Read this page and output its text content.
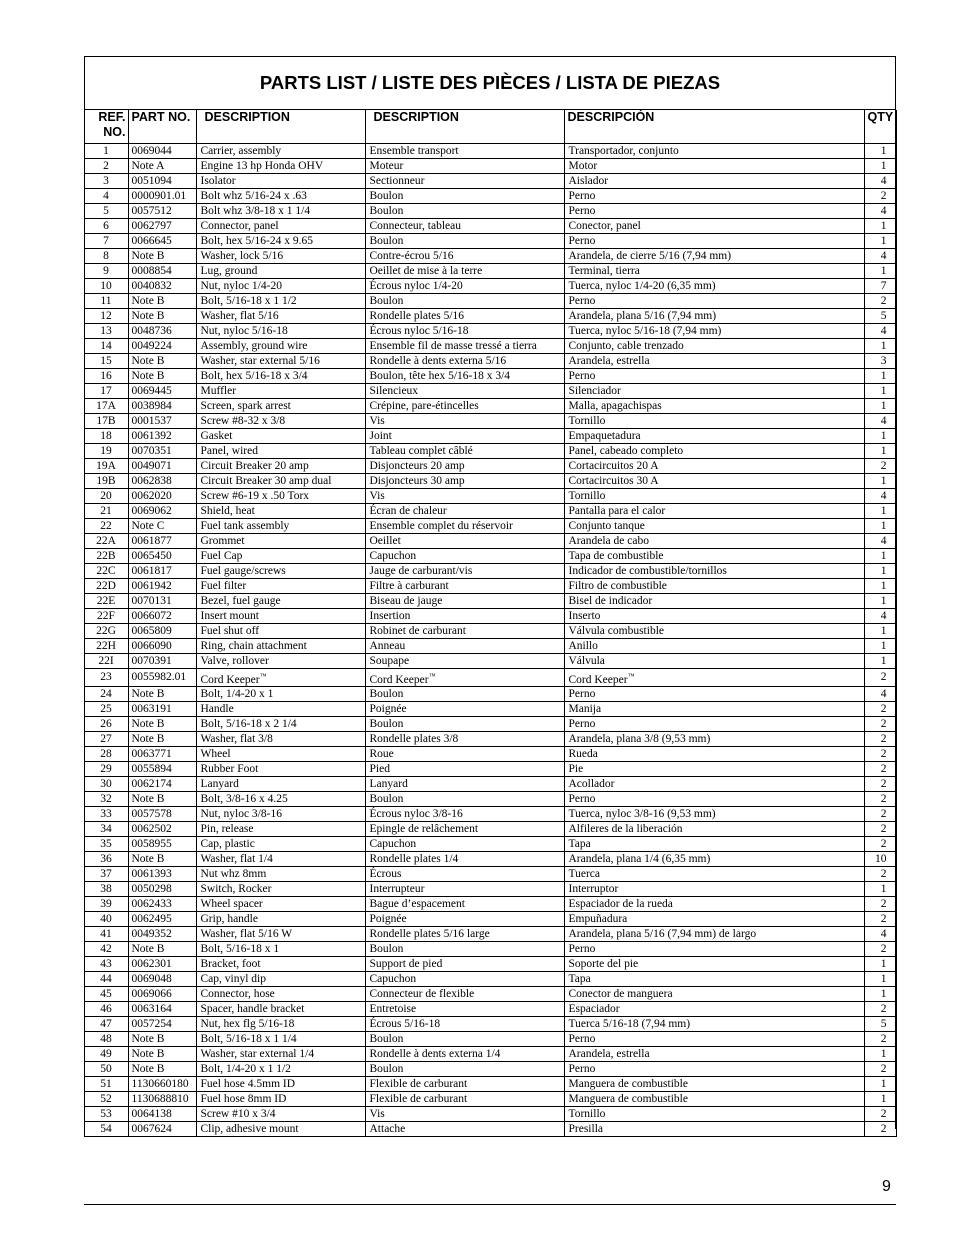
PARTS LIST / LISTE DES PIÈCES / LISTA DE PIEZAS
REF. NO.	PART NO.	DESCRIPTION	DESCRIPTION	DESCRIPCIÓN	QTY
1	0069044	Carrier, assembly	Ensemble transport	Transportador, conjunto	1
2	Note A	Engine 13 hp Honda OHV	Moteur	Motor	1
3	0051094	Isolator	Sectionneur	Aislador	4
4	0000901.01	Bolt whz 5/16-24 x .63	Boulon	Perno	2
5	0057512	Bolt whz 3/8-18 x 1 1/4	Boulon	Perno	4
6	0062797	Connector, panel	Connecteur, tableau	Conector, panel	1
7	0066645	Bolt, hex 5/16-24 x 9.65	Boulon	Perno	1
8	Note B	Washer, lock 5/16	Contre-écrou 5/16	Arandela, de cierre 5/16 (7,94 mm)	4
9	0008854	Lug, ground	Oeillet de mise à la terre	Terminal, tierra	1
10	0040832	Nut, nyloc 1/4-20	Écrous nyloc 1/4-20	Tuerca, nyloc 1/4-20 (6,35 mm)	7
11	Note B	Bolt, 5/16-18 x 1 1/2	Boulon	Perno	2
12	Note B	Washer, flat 5/16	Rondelle plates 5/16	Arandela, plana 5/16 (7,94 mm)	5
13	0048736	Nut, nyloc 5/16-18	Écrous nyloc 5/16-18	Tuerca, nyloc 5/16-18 (7,94 mm)	4
14	0049224	Assembly, ground wire	Ensemble fil de masse tressé a tierra	Conjunto, cable trenzado	1
15	Note B	Washer, star external 5/16	Rondelle à dents externa 5/16	Arandela, estrella	3
16	Note B	Bolt, hex 5/16-18 x 3/4	Boulon, tête hex 5/16-18 x 3/4	Perno	1
17	0069445	Muffler	Silencieux	Silenciador	1
17A	0038984	Screen, spark arrest	Crépine, pare-étincelles	Malla, apagachispas	1
17B	0001537	Screw #8-32 x 3/8	Vis	Tornillo	4
18	0061392	Gasket	Joint	Empaquetadura	1
19	0070351	Panel, wired	Tableau complet câblé	Panel, cabeado completo	1
19A	0049071	Circuit Breaker 20 amp	Disjoncteurs 20 amp	Cortacircuitos 20 A	2
19B	0062838	Circuit Breaker 30 amp dual	Disjoncteurs 30 amp	Cortacircuitos 30 A	1
20	0062020	Screw #6-19 x .50 Torx	Vis	Tornillo	4
21	0069062	Shield, heat	Écran de chaleur	Pantalla para el calor	1
22	Note C	Fuel tank assembly	Ensemble complet du réservoir	Conjunto tanque	1
22A	0061877	Grommet	Oeillet	Arandela de cabo	4
22B	0065450	Fuel Cap	Capuchon	Tapa de combustible	1
22C	0061817	Fuel gauge/screws	Jauge de carburant/vis	Indicador de combustible/tornillos	1
22D	0061942	Fuel filter	Filtre à carburant	Filtro de combustible	1
22E	0070131	Bezel, fuel gauge	Biseau de jauge	Bisel de indicador	1
22F	0066072	Insert mount	Insertion	Inserto	4
22G	0065809	Fuel shut off	Robinet de carburant	Válvula combustible	1
22H	0066090	Ring, chain attachment	Anneau	Anillo	1
22I	0070391	Valve, rollover	Soupape	Válvula	1
23	0055982.01	Cord Keeper™	Cord Keeper™	Cord Keeper™	2
24	Note B	Bolt, 1/4-20 x 1	Boulon	Perno	4
25	0063191	Handle	Poignée	Manija	2
26	Note B	Bolt, 5/16-18 x 2 1/4	Boulon	Perno	2
27	Note B	Washer, flat 3/8	Rondelle plates 3/8	Arandela, plana 3/8 (9,53 mm)	2
28	0063771	Wheel	Roue	Rueda	2
29	0055894	Rubber Foot	Pied	Pie	2
30	0062174	Lanyard	Lanyard	Acollador	2
32	Note B	Bolt, 3/8-16 x 4.25	Boulon	Perno	2
33	0057578	Nut, nyloc 3/8-16	Écrous nyloc 3/8-16	Tuerca, nyloc 3/8-16 (9,53 mm)	2
34	0062502	Pin, release	Epingle de relâchement	Alfileres de la liberación	2
35	0058955	Cap, plastic	Capuchon	Tapa	2
36	Note B	Washer, flat 1/4	Rondelle plates 1/4	Arandela, plana 1/4 (6,35 mm)	10
37	0061393	Nut whz 8mm	Écrous	Tuerca	2
38	0050298	Switch, Rocker	Interrupteur	Interruptor	1
39	0062433	Wheel spacer	Bague d’espacement	Espaciador de la rueda	2
40	0062495	Grip, handle	Poignée	Empuñadura	2
41	0049352	Washer, flat 5/16 W	Rondelle plates 5/16 large	Arandela, plana 5/16 (7,94 mm) de largo	4
42	Note B	Bolt, 5/16-18 x 1	Boulon	Perno	2
43	0062301	Bracket, foot	Support de pied	Soporte del pie	1
44	0069048	Cap, vinyl dip	Capuchon	Tapa	1
45	0069066	Connector, hose	Connecteur de flexible	Conector de manguera	1
46	0063164	Spacer, handle bracket	Entretoise	Espaciador	2
47	0057254	Nut, hex flg 5/16-18	Écrous 5/16-18	Tuerca 5/16-18 (7,94 mm)	5
48	Note B	Bolt, 5/16-18 x 1 1/4	Boulon	Perno	2
49	Note B	Washer, star external 1/4	Rondelle à dents externa 1/4	Arandela, estrella	1
50	Note B	Bolt, 1/4-20 x 1 1/2	Boulon	Perno	2
51	1130660180	Fuel hose 4.5mm ID	Flexible de carburant	Manguera de combustible	1
52	1130688810	Fuel hose 8mm ID	Flexible de carburant	Manguera de combustible	1
53	0064138	Screw #10 x 3/4	Vis	Tornillo	2
54	0067624	Clip, adhesive mount	Attache	Presilla	2
9
